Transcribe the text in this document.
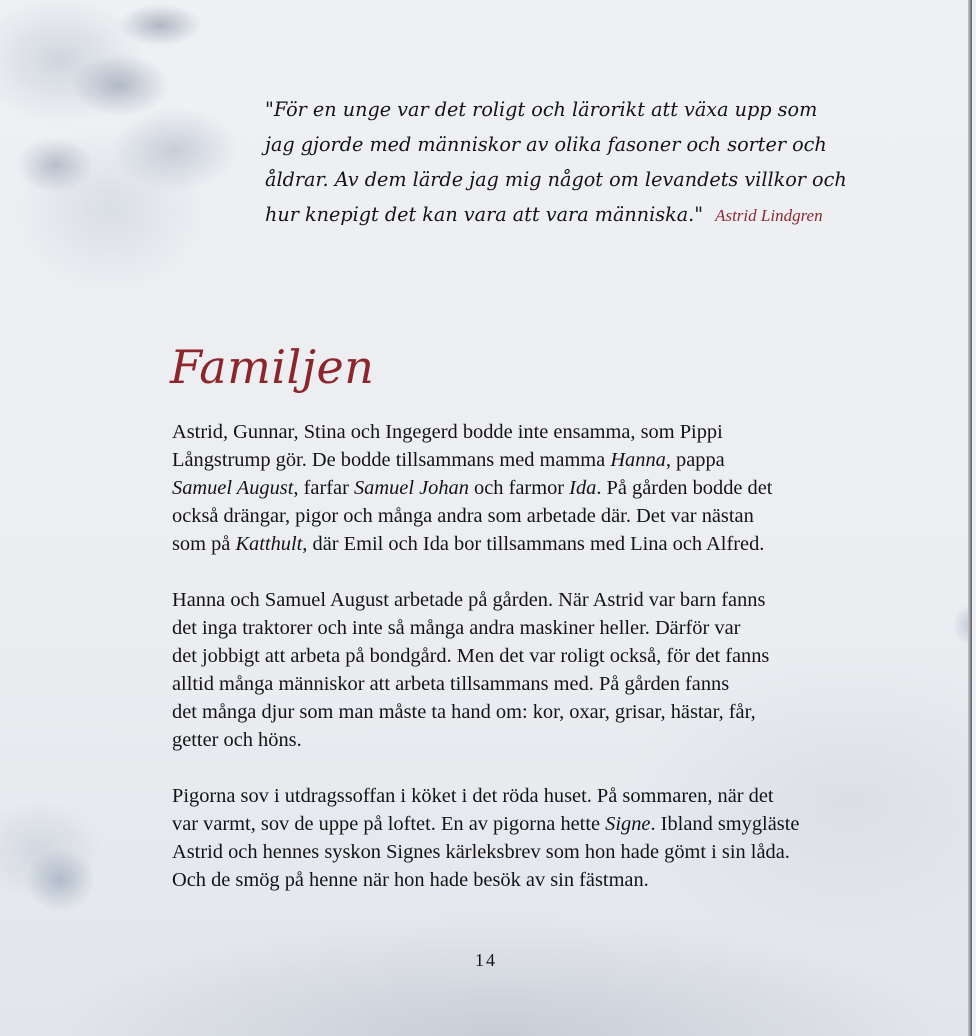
"För en unge var det roligt och lärorikt att växa upp som
jag gjorde med människor av olika fasoner och sorter och
åldrar. Av dem lärde jag mig något om levandets villkor och
hur knepigt det kan vara att vara människa." Astrid Lindgren
Familjen

Astrid, Gunnar, Stina och Ingegerd bodde inte ensamma, som Pippi
Långstrump gör. De bodde tillsammans med mamma Hanna, pappa
Samuel August, farfar Samuel Johan och farmor Ida. På gården bodde det
också drängar, pigor och många andra som arbetade där. Det var nästan
som på Katthult, där Emil och Ida bor tillsammans med Lina och Alfred.

Hanna och Samuel August arbetade på gården. När Astrid var barn fanns
det inga traktorer och inte så många andra maskiner heller. Därför var
det jobbigt att arbeta på bondgård. Men det var roligt också, för det fanns
alltid många människor att arbeta tillsammans med. På gården fanns
det många djur som man måste ta hand om: kor, oxar, grisar, hästar, får,
getter och höns.

Pigorna sov i utdragssoffan i köket i det röda huset. På sommaren, när det
var varmt, sov de uppe på loftet. En av pigorna hette Signe. Ibland smygläste
Astrid och hennes syskon Signes kärleksbrev som hon hade gömt i sin låda.
Och de smög på henne när hon hade besök av sin fästman.

14
